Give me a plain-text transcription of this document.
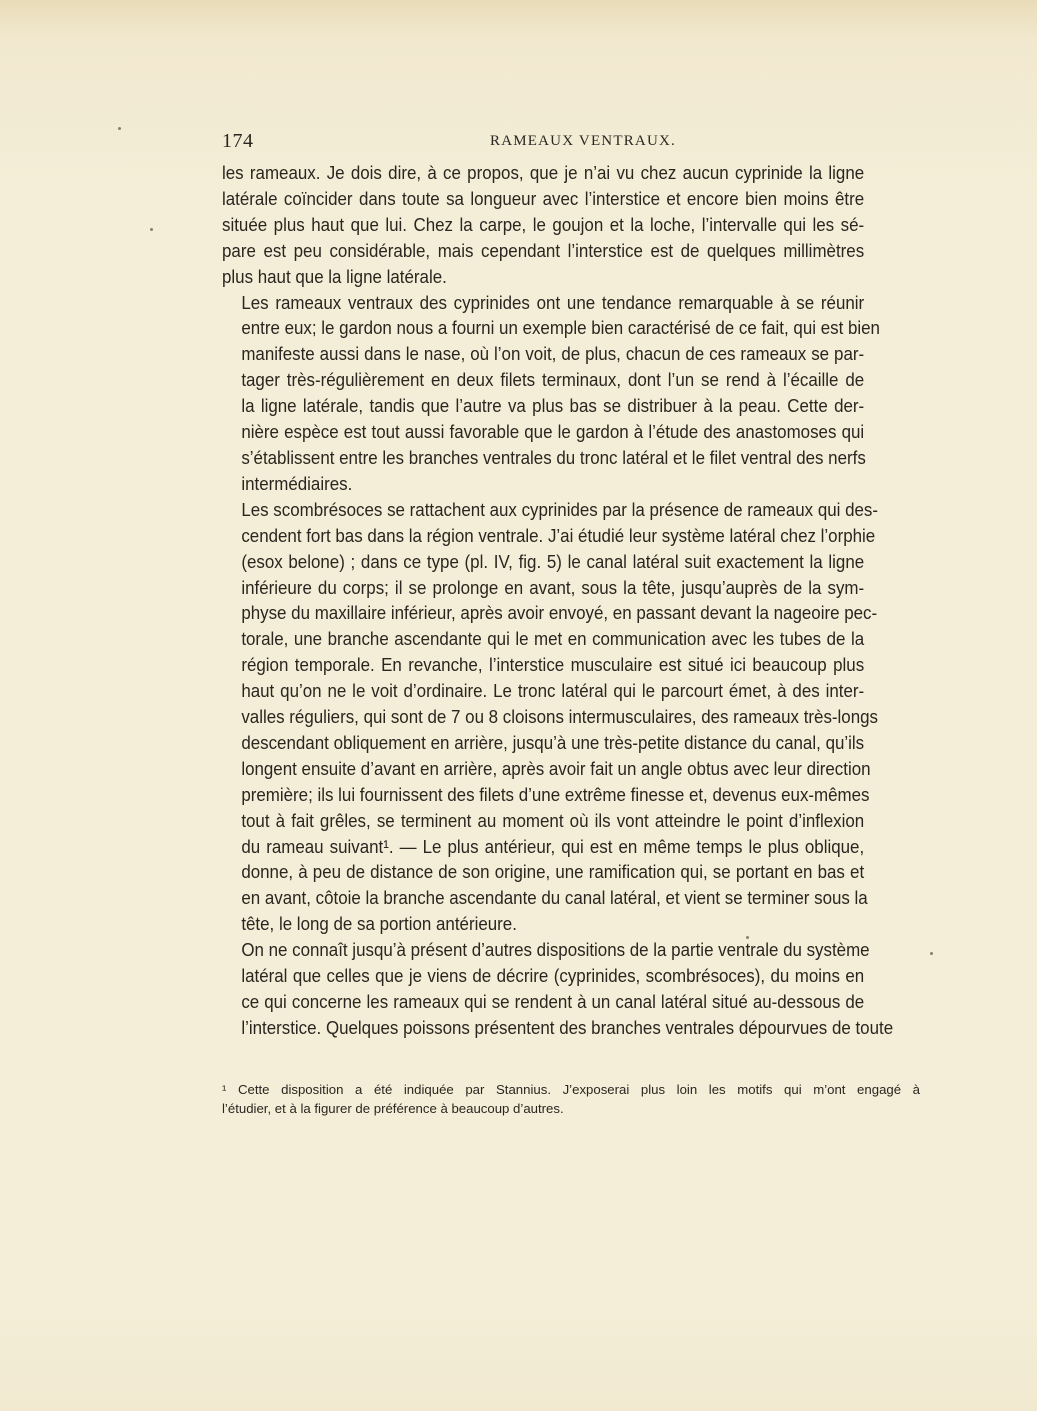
174	RAMEAUX VENTRAUX.

les rameaux. Je dois dire, à ce propos, que je n’ai vu chez aucun cyprinide la ligne
latérale coïncider dans toute sa longueur avec l’interstice et encore bien moins être
située plus haut que lui. Chez la carpe, le goujon et la loche, l’intervalle qui les sé-
pare est peu considérable, mais cependant l’interstice est de quelques millimètres
plus haut que la ligne latérale.

Les rameaux ventraux des cyprinides ont une tendance remarquable à se réunir
entre eux; le gardon nous a fourni un exemple bien caractérisé de ce fait, qui est bien
manifeste aussi dans le nase, où l’on voit, de plus, chacun de ces rameaux se par-
tager très-régulièrement en deux filets terminaux, dont l’un se rend à l’écaille de
la ligne latérale, tandis que l’autre va plus bas se distribuer à la peau. Cette der-
nière espèce est tout aussi favorable que le gardon à l’étude des anastomoses qui
s’établissent entre les branches ventrales du tronc latéral et le filet ventral des nerfs
intermédiaires.

Les scombrésoces se rattachent aux cyprinides par la présence de rameaux qui des-
cendent fort bas dans la région ventrale. J’ai étudié leur système latéral chez l’orphie
(esox belone) ; dans ce type (pl. IV, fig. 5) le canal latéral suit exactement la ligne
inférieure du corps; il se prolonge en avant, sous la tête, jusqu’auprès de la sym-
physe du maxillaire inférieur, après avoir envoyé, en passant devant la nageoire pec-
torale, une branche ascendante qui le met en communication avec les tubes de la
région temporale. En revanche, l’interstice musculaire est situé ici beaucoup plus
haut qu’on ne le voit d’ordinaire. Le tronc latéral qui le parcourt émet, à des inter-
valles réguliers, qui sont de 7 ou 8 cloisons intermusculaires, des rameaux très-longs
descendant obliquement en arrière, jusqu’à une très-petite distance du canal, qu’ils
longent ensuite d’avant en arrière, après avoir fait un angle obtus avec leur direction
première; ils lui fournissent des filets d’une extrême finesse et, devenus eux-mêmes
tout à fait grêles, se terminent au moment où ils vont atteindre le point d’inflexion
du rameau suivant¹. — Le plus antérieur, qui est en même temps le plus oblique,
donne, à peu de distance de son origine, une ramification qui, se portant en bas et
en avant, côtoie la branche ascendante du canal latéral, et vient se terminer sous la
tête, le long de sa portion antérieure.

On ne connaît jusqu’à présent d’autres dispositions de la partie ventrale du système
latéral que celles que je viens de décrire (cyprinides, scombrésoces), du moins en
ce qui concerne les rameaux qui se rendent à un canal latéral situé au-dessous de
l’interstice. Quelques poissons présentent des branches ventrales dépourvues de toute

¹ Cette disposition a été indiquée par Stannius. J’exposerai plus loin les motifs qui m’ont engagé à
l’étudier, et à la figurer de préférence à beaucoup d’autres.
